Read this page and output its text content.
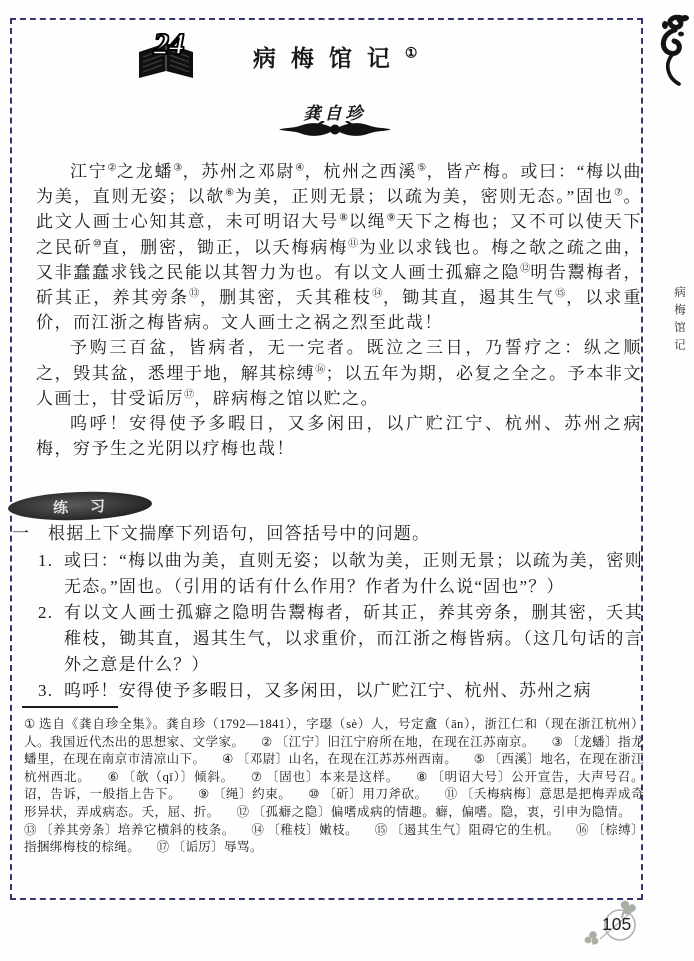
24	病梅馆记①
龚自珍

江宁②之龙蟠③，苏州之邓尉④，杭州之西溪⑤，皆产梅。或曰：“梅以曲为美，直则无姿；以欹⑥为美，正则无景；以疏为美，密则无态。”固也⑦。此文人画士心知其意，未可明诏大号⑧以绳⑨天下之梅也；又不可以使天下之民斫⑩直，删密，锄正，以夭梅病梅⑪为业以求钱也。梅之欹之疏之曲，又非蠢蠢求钱之民能以其智力为也。有以文人画士孤癖之隐⑫明告鬻梅者，斫其正，养其旁条⑬，删其密，夭其稚枝⑭，锄其直，遏其生气⑮，以求重价，而江浙之梅皆病。文人画士之祸之烈至此哉！

予购三百盆，皆病者，无一完者。既泣之三日，乃誓疗之：纵之顺之，毁其盆，悉埋于地，解其棕缚⑯；以五年为期，必复之全之。予本非文人画士，甘受诟厉⑰，辟病梅之馆以贮之。

呜呼！安得使予多暇日，又多闲田，以广贮江宁、杭州、苏州之病梅，穷予生之光阴以疗梅也哉！

练习
一	根据上下文揣摩下列语句，回答括号中的问题。
1. 或曰：“梅以曲为美，直则无姿；以欹为美，正则无景；以疏为美，密则无态。”固也。（引用的话有什么作用？作者为什么说“固也”？）
2. 有以文人画士孤癖之隐明告鬻梅者，斫其正，养其旁条，删其密，夭其稚枝，锄其直，遏其生气，以求重价，而江浙之梅皆病。（这几句话的言外之意是什么？）
3. 呜呼！安得使予多暇日，又多闲田，以广贮江宁、杭州、苏州之病
① 选自《龚自珍全集》。龚自珍（1792—1841），字璱（sè）人，号定盦（ān），浙江仁和（现在浙江杭州）人。我国近代杰出的思想家、文学家。 ② 〔江宁〕旧江宁府所在地，在现在江苏南京。 ③ 〔龙蟠〕指龙蟠里，在现在南京市清凉山下。 ④ 〔邓尉〕山名，在现在江苏苏州西南。 ⑤ 〔西溪〕地名，在现在浙江杭州西北。 ⑥ 〔欹（qī）〕倾斜。 ⑦ 〔固也〕本来是这样。 ⑧ 〔明诏大号〕公开宣告，大声号召。诏，告诉，一般指上告下。 ⑨ 〔绳〕约束。 ⑩ 〔斫〕用刀斧砍。 ⑪ 〔夭梅病梅〕意思是把梅弄成奇形异状，弄成病态。夭，屈、折。 ⑫ 〔孤癖之隐〕偏嗜成病的情趣。癖，偏嗜。隐，衷，引申为隐情。 ⑬ 〔养其旁条〕培养它横斜的枝条。 ⑭ 〔稚枝〕嫩枝。 ⑮ 〔遏其生气〕阻碍它的生机。 ⑯ 〔棕缚〕指捆绑梅枝的棕绳。 ⑰ 〔诟厉〕辱骂。
105
病梅馆记
